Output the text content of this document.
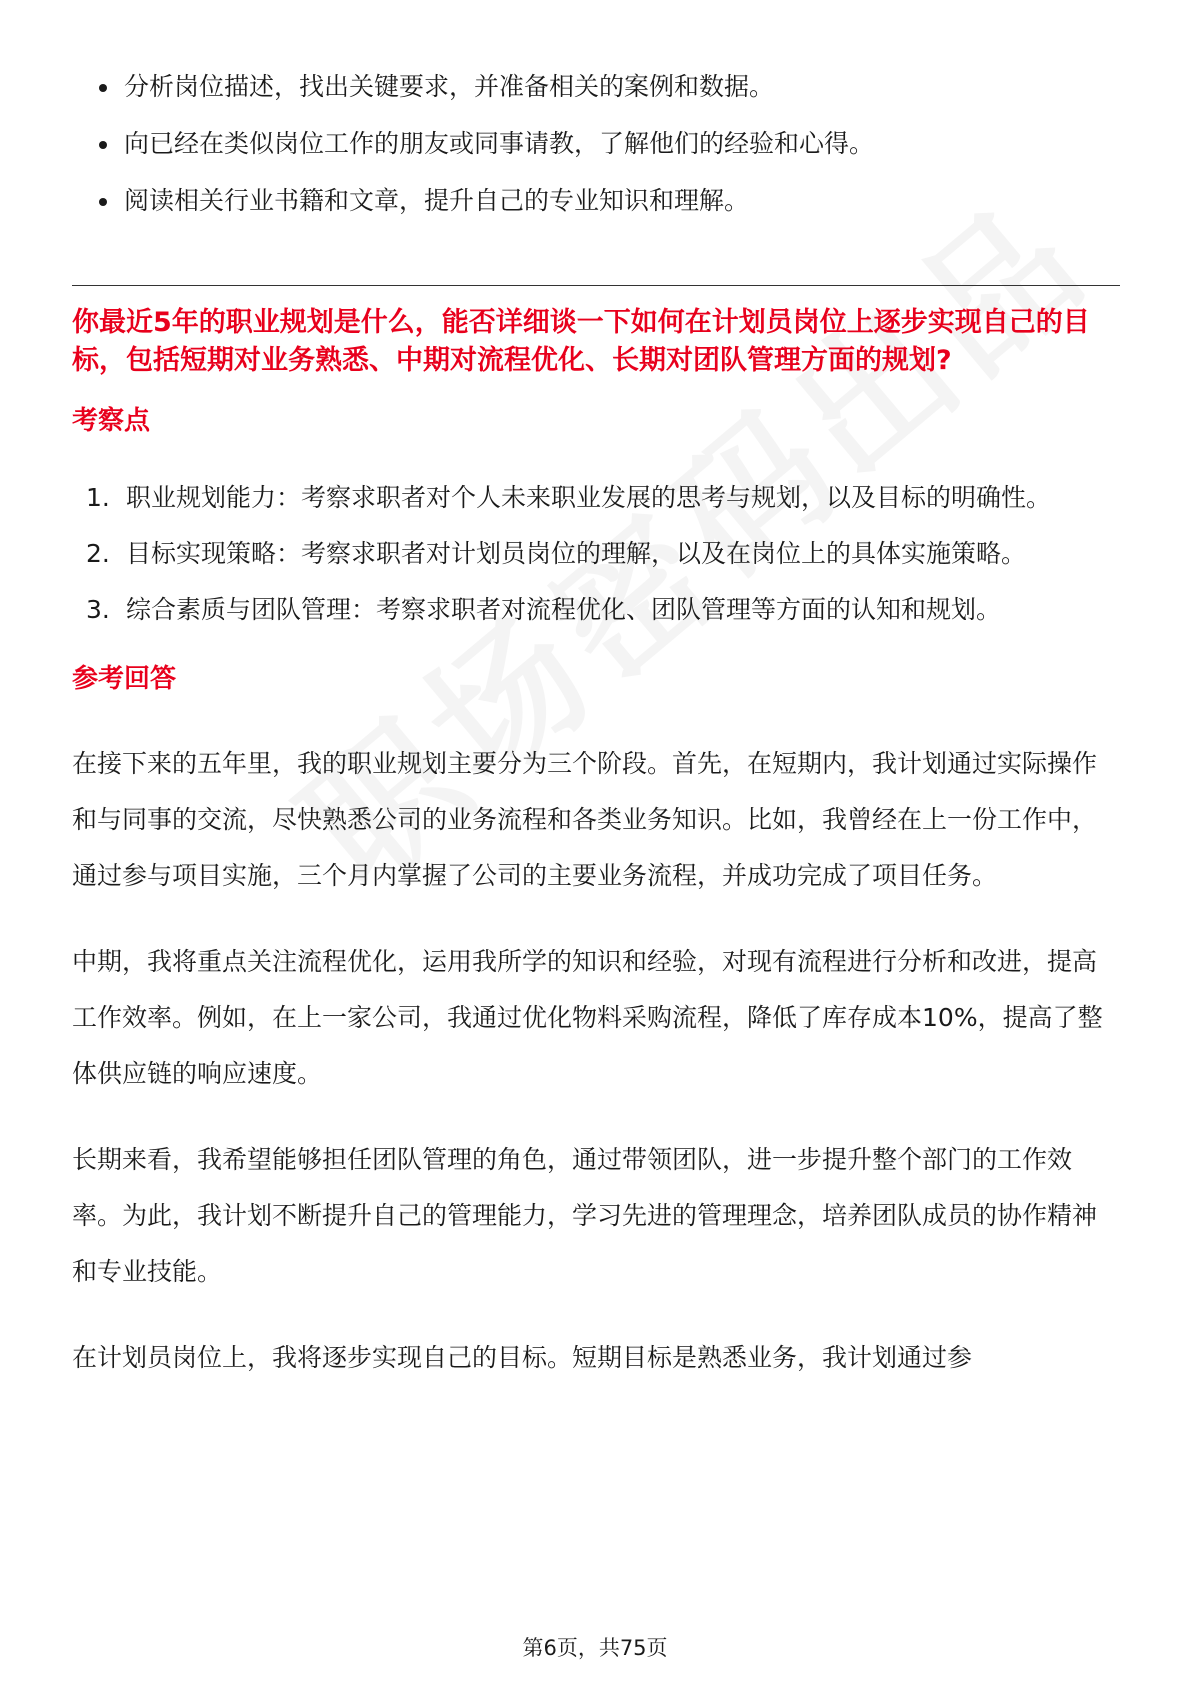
分析岗位描述，找出关键要求，并准备相关的案例和数据。
向已经在类似岗位工作的朋友或同事请教，了解他们的经验和心得。
阅读相关行业书籍和文章，提升自己的专业知识和理解。
你最近5年的职业规划是什么，能否详细谈一下如何在计划员岗位上逐步实现自己的目标，包括短期对业务熟悉、中期对流程优化、长期对团队管理方面的规划?
考察点
1. 职业规划能力：考察求职者对个人未来职业发展的思考与规划，以及目标的明确性。
2. 目标实现策略：考察求职者对计划员岗位的理解，以及在岗位上的具体实施策略。
3. 综合素质与团队管理：考察求职者对流程优化、团队管理等方面的认知和规划。
参考回答

在接下来的五年里，我的职业规划主要分为三个阶段。首先，在短期内，我计划通过实际操作和与同事的交流，尽快熟悉公司的业务流程和各类业务知识。比如，我曾经在上一份工作中，通过参与项目实施，三个月内掌握了公司的主要业务流程，并成功完成了项目任务。

中期，我将重点关注流程优化，运用我所学的知识和经验，对现有流程进行分析和改进，提高工作效率。例如，在上一家公司，我通过优化物料采购流程，降低了库存成本10%，提高了整体供应链的响应速度。

长期来看，我希望能够担任团队管理的角色，通过带领团队，进一步提升整个部门的工作效率。为此，我计划不断提升自己的管理能力，学习先进的管理理念，培养团队成员的协作精神和专业技能。

在计划员岗位上，我将逐步实现自己的目标。短期目标是熟悉业务，我计划通过参

第6页，共75页
